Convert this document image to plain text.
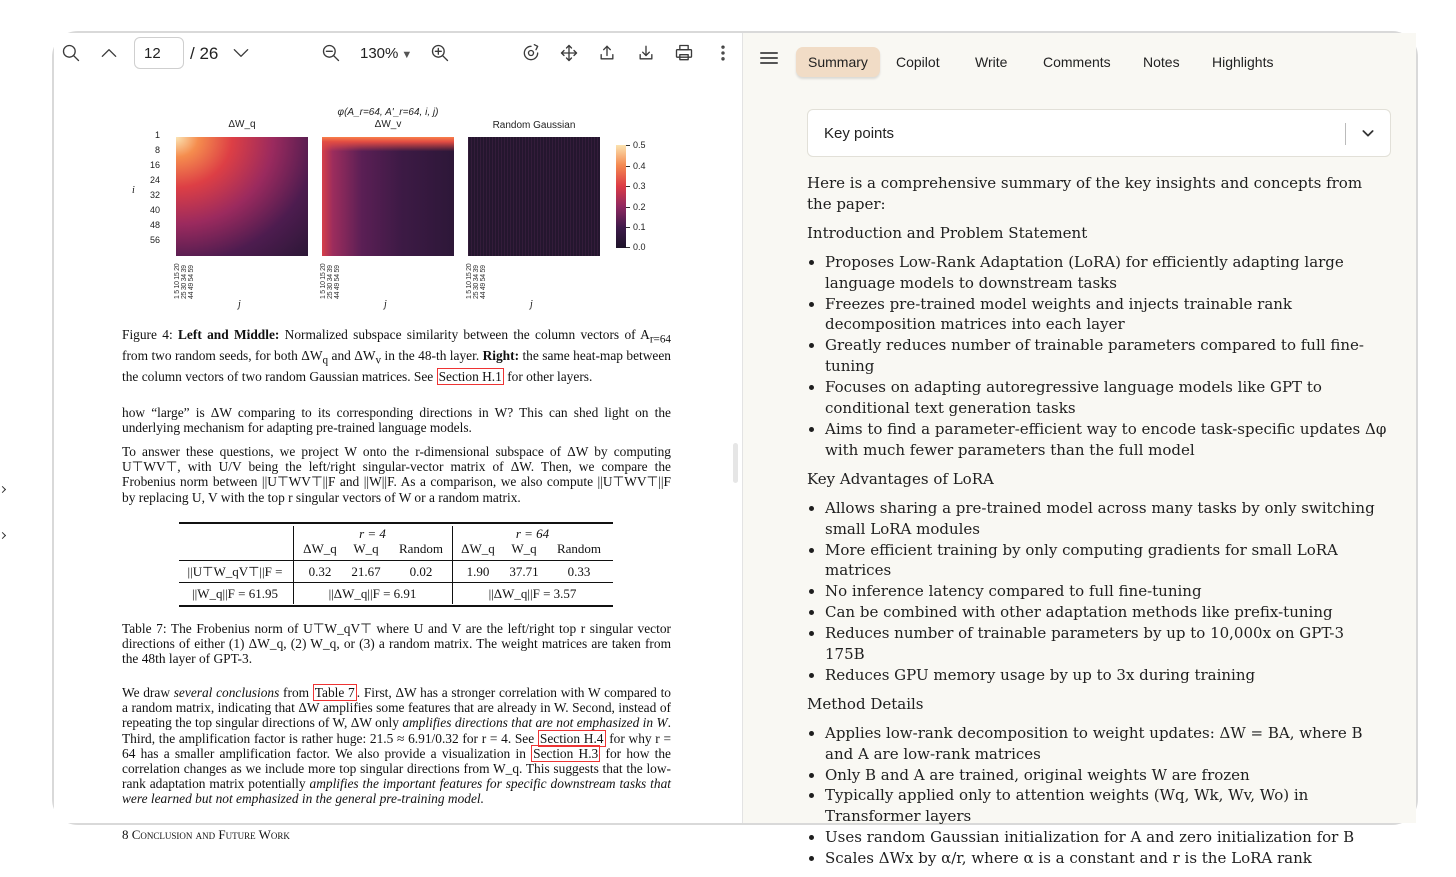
12
/ 26	130% ▼
ΔW_q
φ(A_r=64, A'_r=64, i, j)
ΔW_v	Random Gaussian
1
8
16
24
32
40
48
56
i
0.5
0.4
0.3
0.2
0.1
0.0
1 5 10 15 20 25 30 34 39 44 49 54 59	1 5 10 15 20 25 30 34 39 44 49 54 59	1 5 10 15 20 25 30 34 39 44 49 54 59
j	j	j
Figure 4: Left and Middle: Normalized subspace similarity between the column vectors of $A_{r=64}$ from two random seeds, for both $\Delta W_q$ and $\Delta W_v$ in the 48-th layer. Right: the same heat-map between the column vectors of two random Gaussian matrices. See Section H.1 for other layers.
how “large” is ΔW comparing to its corresponding directions in W? This can shed light on the underlying mechanism for adapting pre-trained language models.
To answer these questions, we project W onto the r-dimensional subspace of ΔW by computing U⊤WV⊤, with U/V being the left/right singular-vector matrix of ΔW. Then, we compare the Frobenius norm between ||U⊤WV⊤||F and ||W||F. As a comparison, we also compute ||U⊤WV⊤||F by replacing U, V with the top r singular vectors of W or a random matrix.
r = 4	r = 64
ΔW_q	W_q	Random	ΔW_q	W_q	Random
||U⊤W_qV⊤||F =	0.32	21.67	0.02	1.90	37.71	0.33
||W_q||F = 61.95	||ΔW_q||F = 6.91	||ΔW_q||F = 3.57
Table 7: The Frobenius norm of U⊤W_qV⊤ where U and V are the left/right top r singular vector directions of either (1) ΔW_q, (2) W_q, or (3) a random matrix. The weight matrices are taken from the 48th layer of GPT-3.
We draw several conclusions from Table 7 . First, ΔW has a stronger correlation with W compared to a random matrix, indicating that ΔW amplifies some features that are already in W. Second, instead of repeating the top singular directions of W, ΔW only amplifies directions that are not emphasized in W. Third, the amplification factor is rather huge: 21.5 ≈ 6.91/0.32 for r = 4. See Section H.4 for why r = 64 has a smaller amplification factor. We also provide a visualization in Section H.3 for how the correlation changes as we include more top singular directions from W_q. This suggests that the low-rank adaptation matrix potentially amplifies the important features for specific downstream tasks that were learned but not emphasized in the general pre-training model.
8 Conclusion and Future Work
Summary	Copilot	Write	Comments	Notes	Highlights
Key points

Here is a comprehensive summary of the key insights and concepts from the paper:

Introduction and Problem Statement
• Proposes Low-Rank Adaptation (LoRA) for efficiently adapting large language models to downstream tasks
• Freezes pre-trained model weights and injects trainable rank decomposition matrices into each layer
• Greatly reduces number of trainable parameters compared to full fine-tuning
• Focuses on adapting autoregressive language models like GPT to conditional text generation tasks
• Aims to find a parameter-efficient way to encode task-specific updates Δφ with much fewer parameters than the full model
Key Advantages of LoRA
• Allows sharing a pre-trained model across many tasks by only switching small LoRA modules
• More efficient training by only computing gradients for small LoRA matrices
• No inference latency compared to full fine-tuning
• Can be combined with other adaptation methods like prefix-tuning
• Reduces number of trainable parameters by up to 10,000x on GPT-3 175B
• Reduces GPU memory usage by up to 3x during training
Method Details
• Applies low-rank decomposition to weight updates: ΔW = BA, where B and A are low-rank matrices
• Only B and A are trained, original weights W are frozen
• Typically applied only to attention weights (Wq, Wk, Wv, Wo) in Transformer layers
• Uses random Gaussian initialization for A and zero initialization for B
• Scales ΔWx by α/r, where α is a constant and r is the LoRA rank
